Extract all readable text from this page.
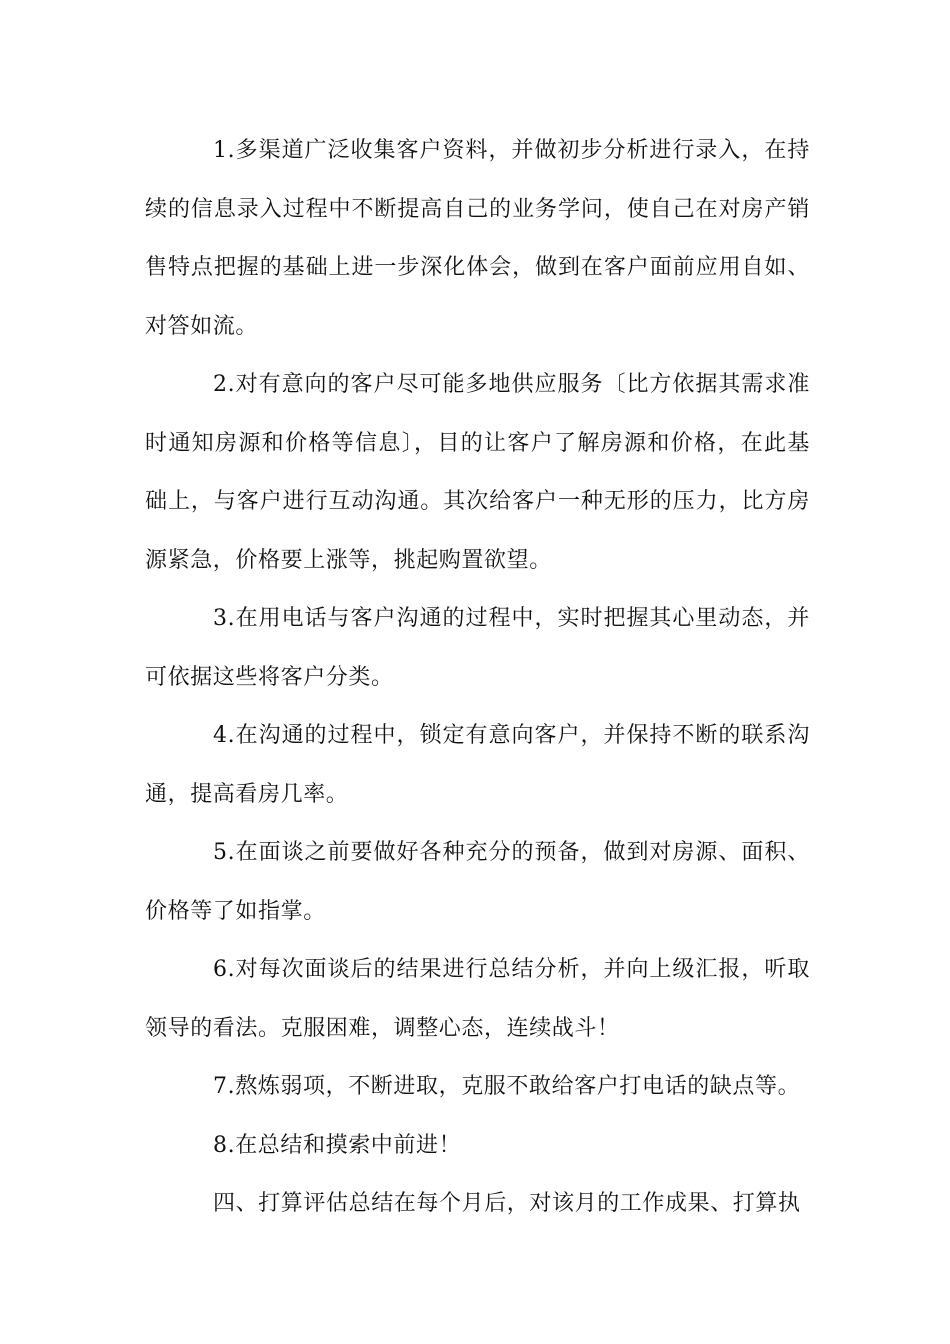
1.多渠道广泛收集客户资料，并做初步分析进行录入，在持续的信息录入过程中不断提高自己的业务学问，使自己在对房产销售特点把握的基础上进一步深化体会，做到在客户面前应用自如、对答如流。

2.对有意向的客户尽可能多地供应服务〔比方依据其需求准时通知房源和价格等信息〕，目的让客户了解房源和价格，在此基础上，与客户进行互动沟通。其次给客户一种无形的压力，比方房源紧急，价格要上涨等，挑起购置欲望。

3.在用电话与客户沟通的过程中，实时把握其心里动态，并可依据这些将客户分类。

4.在沟通的过程中，锁定有意向客户，并保持不断的联系沟通，提高看房几率。

5.在面谈之前要做好各种充分的预备，做到对房源、面积、价格等了如指掌。

6.对每次面谈后的结果进行总结分析，并向上级汇报，听取领导的看法。克服困难，调整心态，连续战斗！

7.熬炼弱项，不断进取，克服不敢给客户打电话的缺点等。

8.在总结和摸索中前进！

四、打算评估总结在每个月后，对该月的工作成果、打算执
